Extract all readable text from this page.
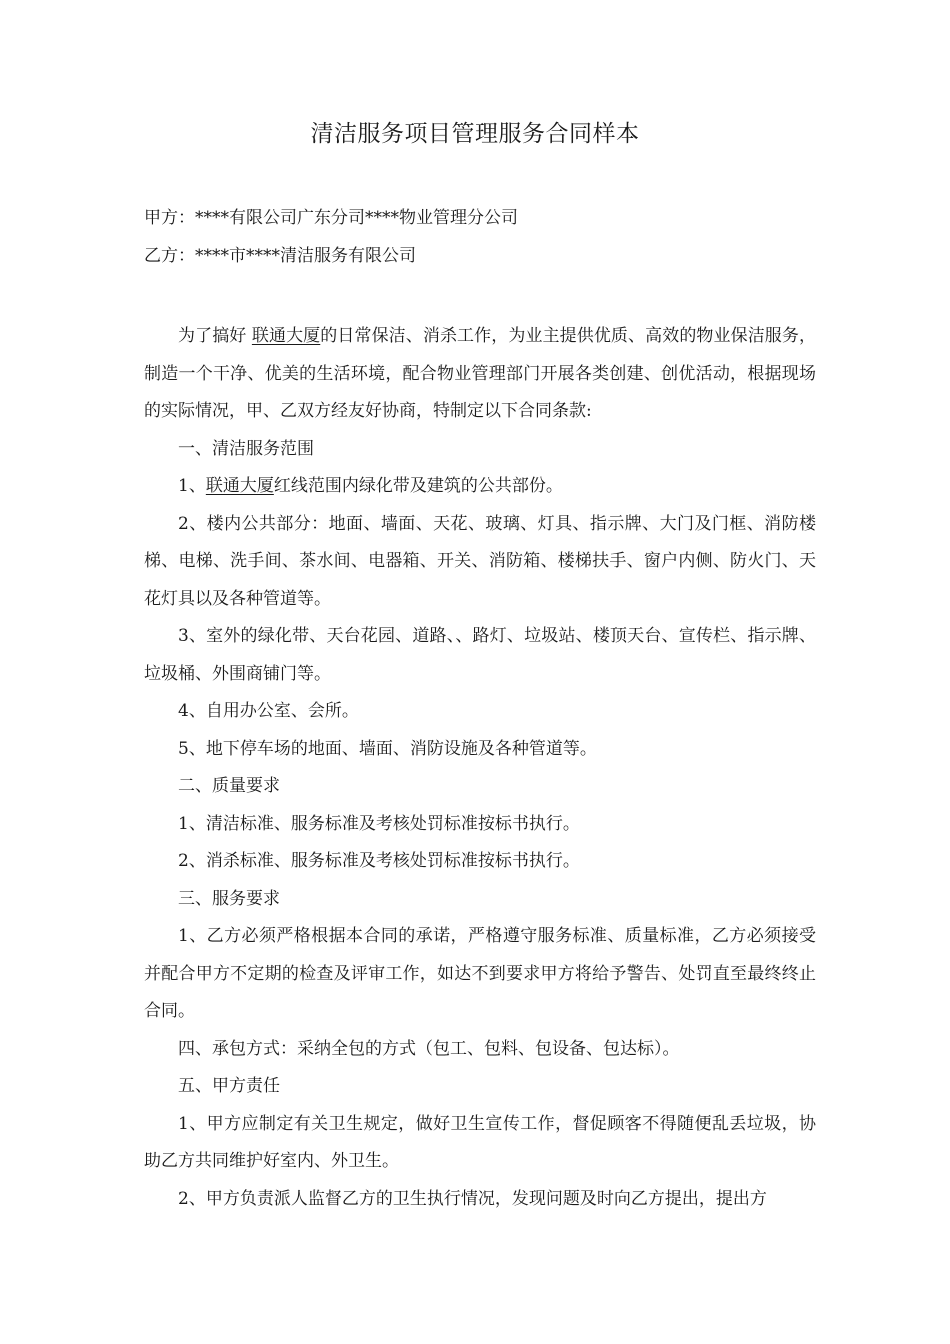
清洁服务项目管理服务合同样本
甲方：****有限公司广东分司****物业管理分公司
乙方：****市****清洁服务有限公司

为了搞好 联通大厦的日常保洁、消杀工作，为业主提供优质、高效的物业保洁服务，制造一个干净、优美的生活环境，配合物业管理部门开展各类创建、创优活动，根据现场的实际情况，甲、乙双方经友好协商，特制定以下合同条款:

一、清洁服务范围

1、联通大厦红线范围内绿化带及建筑的公共部份。

2、楼内公共部分：地面、墙面、天花、玻璃、灯具、指示牌、大门及门框、消防楼梯、电梯、洗手间、茶水间、电器箱、开关、消防箱、楼梯扶手、窗户内侧、防火门、天花灯具以及各种管道等。

3、室外的绿化带、天台花园、道路、、路灯、垃圾站、楼顶天台、宣传栏、指示牌、垃圾桶、外围商铺门等。

4、自用办公室、会所。

5、地下停车场的地面、墙面、消防设施及各种管道等。

二、质量要求

1、清洁标准、服务标准及考核处罚标准按标书执行。

2、消杀标准、服务标准及考核处罚标准按标书执行。

三、服务要求

1、乙方必须严格根据本合同的承诺，严格遵守服务标准、质量标准，乙方必须接受并配合甲方不定期的检查及评审工作，如达不到要求甲方将给予警告、处罚直至最终终止合同。

四、承包方式：采纳全包的方式（包工、包料、包设备、包达标）。

五、甲方责任

1、甲方应制定有关卫生规定，做好卫生宣传工作，督促顾客不得随便乱丢垃圾，协助乙方共同维护好室内、外卫生。

2、甲方负责派人监督乙方的卫生执行情况，发现问题及时向乙方提出，提出方
